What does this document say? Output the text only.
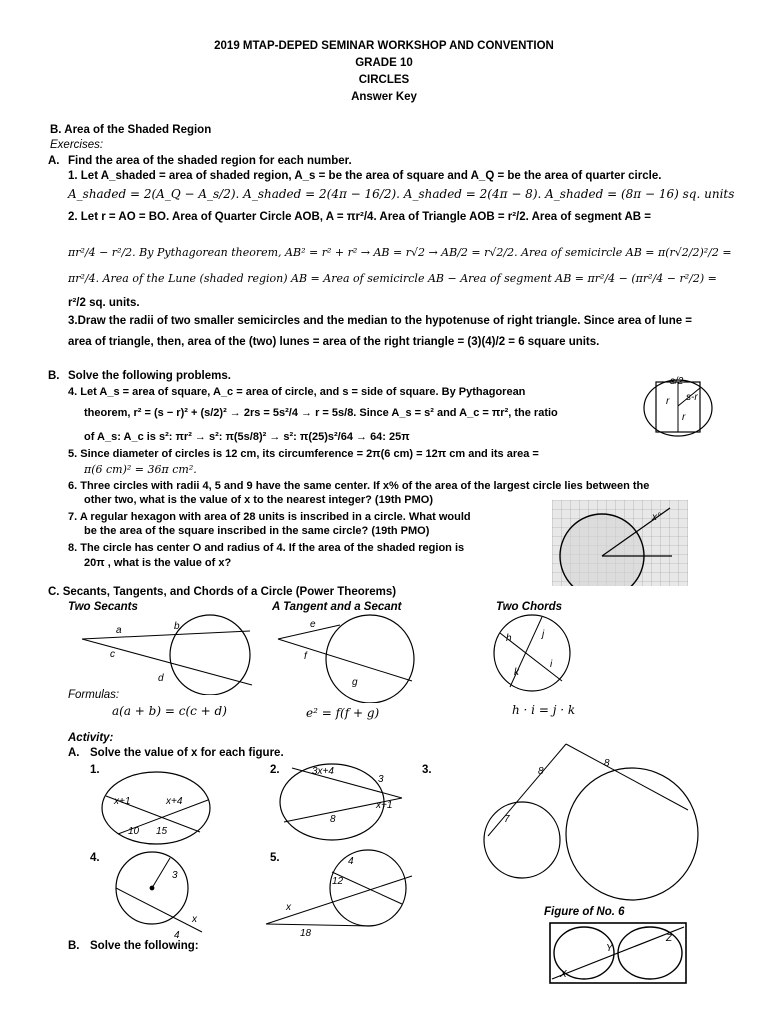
2019 MTAP-DEPED SEMINAR WORKSHOP AND CONVENTION
GRADE 10
CIRCLES
Answer Key
B. Area of the Shaded Region
Exercises:
A. Find the area of the shaded region for each number.
1. Let A_shaded = area of shaded region, A_s = be the area of square and A_Q = be the area of quarter circle.
A_shaded = 2(A_Q − A_s/2). A_shaded = 2(4π − 16/2). A_shaded = 2(4π − 8). A_shaded = (8π − 16) sq. units
2. Let r = AO = BO. Area of Quarter Circle AOB, A = πr²/4. Area of Triangle AOB = r²/2. Area of segment AB =
πr²/4 − r²/2. By Pythagorean theorem, AB² = r² + r² → AB = r√2 → AB/2 = r√2/2. Area of semicircle AB = π(r√2/2)²/2 =
πr²/4. Area of the Lune (shaded region) AB = Area of semicircle AB − Area of segment AB = πr²/4 − (πr²/4 − r²/2) =
r²/2 sq. units.
3.Draw the radii of two smaller semicircles and the median to the hypotenuse of right triangle. Since area of lune =
area of triangle, then, area of the (two) lunes = area of the right triangle = (3)(4)/2 = 6 square units.
B. Solve the following problems.
4. Let A_s = area of square, A_c = area of circle, and s = side of square. By Pythagorean
theorem, r² = (s − r)² + (s/2)² → 2rs = 5s²/4 → r = 5s/8. Since A_s = s² and A_c = πr², the ratio
of A_s: A_c is s²: πr² → s²: π(5s/8)² → s²: π(25)s²/64 → 64: 25π
s/2
s-r
r
r
5. Since diameter of circles is 12 cm, its circumference = 2π(6 cm) = 12π cm and its area =
π(6 cm)² = 36π cm².
6. Three circles with radii 4, 5 and 9 have the same center. If x% of the area of the largest circle lies between the
other two, what is the value of x to the nearest integer? (19th PMO)
7. A regular hexagon with area of 28 units is inscribed in a circle. What would
be the area of the square inscribed in the same circle? (19th PMO)
8. The circle has center O and radius of 4. If the area of the shaded region is
20π , what is the value of x?
x°
C. Secants, Tangents, and Chords of a Circle (Power Theorems)
Two Secants	A Tangent and a Secant	Two Chords
a	b
c
d
e
f
g
h	j
i
k
Formulas:
a(a + b) = c(c + d)	e² = f(f + g)	h · i = j · k
Activity:
A. Solve the value of x for each figure.
1.	2.	3.
4.	5.
x+1	x+4
10 15
3x+4
3
x+1
8
8
8
7
3
x
4
4
12
x
18
Figure of No. 6
X
Y
Z
B. Solve the following:
